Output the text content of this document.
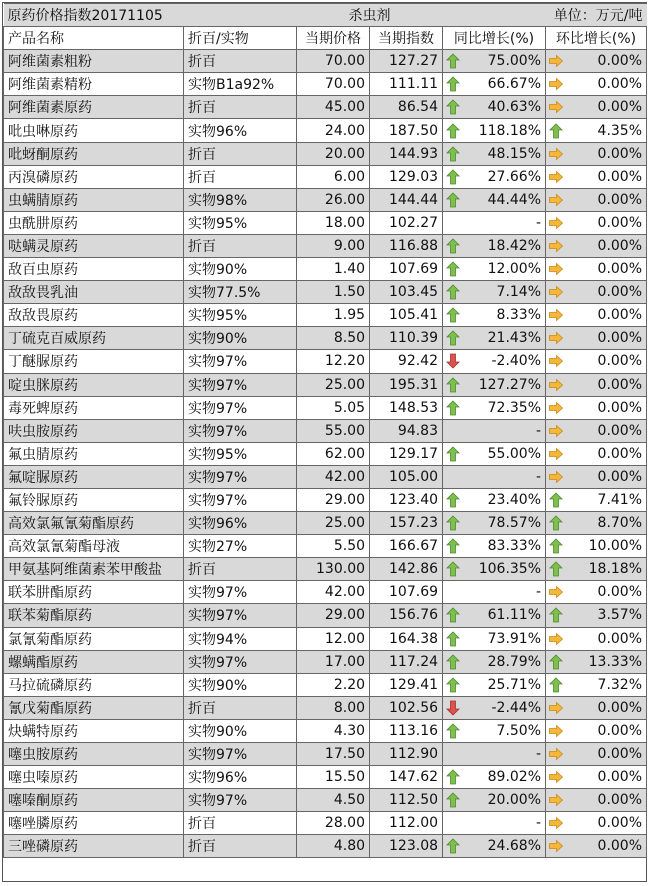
原药价格指数20171105		杀虫剂		单位：万元/吨	
产品名称	折百/实物	当期价格	当期指数	同比增长(%)	环比增长(%)
阿维菌素粗粉	折百	70.00	127.27	75.00%	0.00%
阿维菌素精粉	实物B1a92%	70.00	111.11	66.67%	0.00%
阿维菌素原药	折百	45.00	86.54	40.63%	0.00%
吡虫啉原药	实物96%	24.00	187.50	118.18%	4.35%
吡蚜酮原药	折百	20.00	144.93	48.15%	0.00%
丙溴磷原药	折百	6.00	129.03	27.66%	0.00%
虫螨腈原药	实物98%	26.00	144.44	44.44%	0.00%
虫酰肼原药	实物95%	18.00	102.27	-	0.00%
哒螨灵原药	折百	9.00	116.88	18.42%	0.00%
敌百虫原药	实物90%	1.40	107.69	12.00%	0.00%
敌敌畏乳油	实物77.5%	1.50	103.45	7.14%	0.00%
敌敌畏原药	实物95%	1.95	105.41	8.33%	0.00%
丁硫克百威原药	实物90%	8.50	110.39	21.43%	0.00%
丁醚脲原药	实物97%	12.20	92.42	-2.40%	0.00%
啶虫脒原药	实物97%	25.00	195.31	127.27%	0.00%
毒死蜱原药	实物97%	5.05	148.53	72.35%	0.00%
呋虫胺原药	实物97%	55.00	94.83	-	0.00%
氟虫腈原药	实物95%	62.00	129.17	55.00%	0.00%
氟啶脲原药	实物97%	42.00	105.00	-	0.00%
氟铃脲原药	实物97%	29.00	123.40	23.40%	7.41%
高效氯氟氰菊酯原药	实物96%	25.00	157.23	78.57%	8.70%
高效氯氰菊酯母液	实物27%	5.50	166.67	83.33%	10.00%
甲氨基阿维菌素苯甲酸盐	折百	130.00	142.86	106.35%	18.18%
联苯肼酯原药	实物97%	42.00	107.69	-	0.00%
联苯菊酯原药	实物97%	29.00	156.76	61.11%	3.57%
氯氰菊酯原药	实物94%	12.00	164.38	73.91%	0.00%
螺螨酯原药	实物97%	17.00	117.24	28.79%	13.33%
马拉硫磷原药	实物90%	2.20	129.41	25.71%	7.32%
氰戊菊酯原药	折百	8.00	102.56	-2.44%	0.00%
炔螨特原药	实物90%	4.30	113.16	7.50%	0.00%
噻虫胺原药	实物97%	17.50	112.90	-	0.00%
噻虫嗪原药	实物96%	15.50	147.62	89.02%	0.00%
噻嗪酮原药	实物97%	4.50	112.50	20.00%	0.00%
噻唑膦原药	折百	28.00	112.00	-	0.00%
三唑磷原药	折百	4.80	123.08	24.68%	0.00%
